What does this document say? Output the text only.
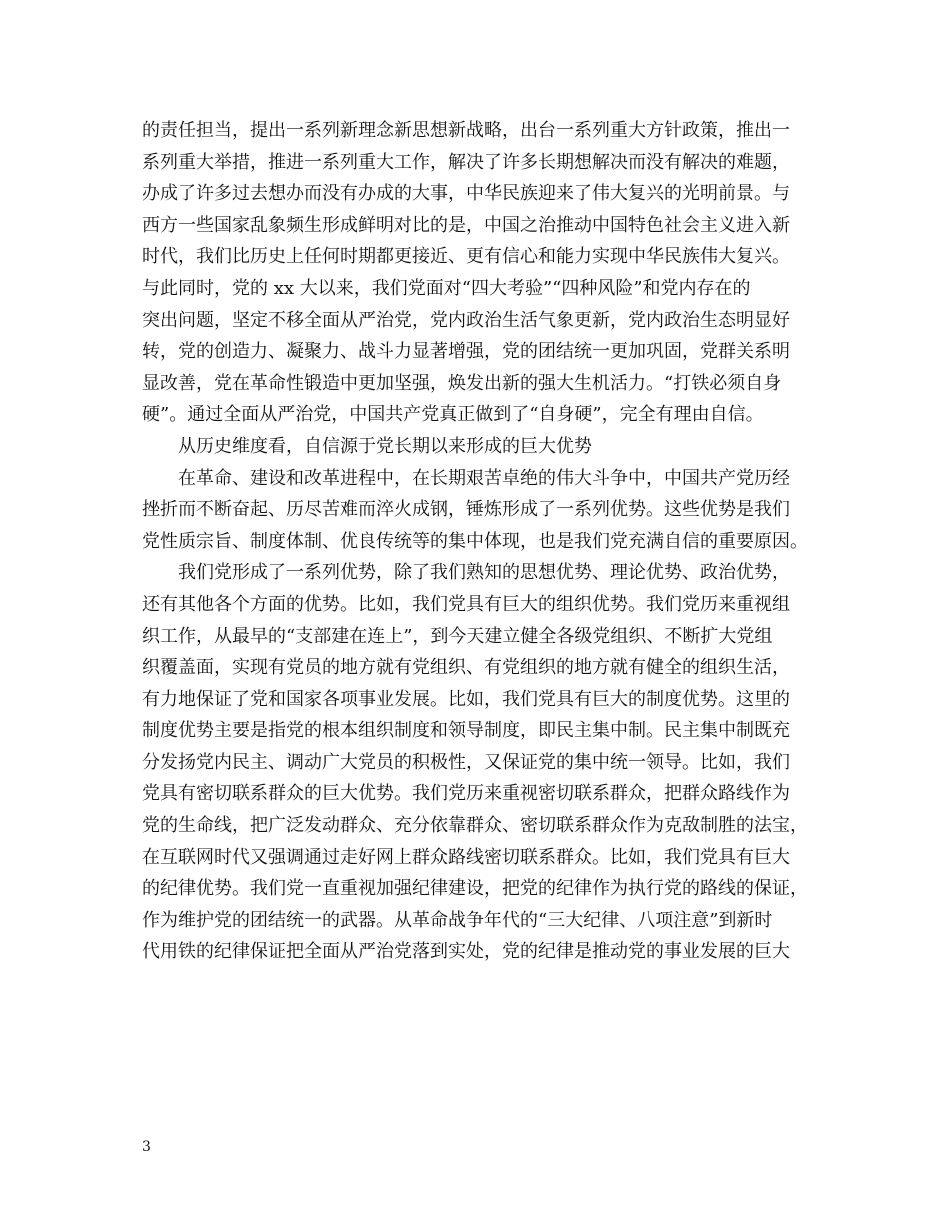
的责任担当，提出一系列新理念新思想新战略，出台一系列重大方针政策，推出一
系列重大举措，推进一系列重大工作，解决了许多长期想解决而没有解决的难题，
办成了许多过去想办而没有办成的大事，中华民族迎来了伟大复兴的光明前景。与
西方一些国家乱象频生形成鲜明对比的是，中国之治推动中国特色社会主义进入新
时代，我们比历史上任何时期都更接近、更有信心和能力实现中华民族伟大复兴。
与此同时，党的 xx 大以来，我们党面对“四大考验”“四种风险”和党内存在的
突出问题，坚定不移全面从严治党，党内政治生活气象更新，党内政治生态明显好
转，党的创造力、凝聚力、战斗力显著增强，党的团结统一更加巩固，党群关系明
显改善，党在革命性锻造中更加坚强，焕发出新的强大生机活力。“打铁必须自身
硬”。通过全面从严治党，中国共产党真正做到了“自身硬”，完全有理由自信。
从历史维度看，自信源于党长期以来形成的巨大优势
在革命、建设和改革进程中，在长期艰苦卓绝的伟大斗争中，中国共产党历经
挫折而不断奋起、历尽苦难而淬火成钢，锤炼形成了一系列优势。这些优势是我们
党性质宗旨、制度体制、优良传统等的集中体现，也是我们党充满自信的重要原因。
我们党形成了一系列优势，除了我们熟知的思想优势、理论优势、政治优势，
还有其他各个方面的优势。比如，我们党具有巨大的组织优势。我们党历来重视组
织工作，从最早的“支部建在连上”，到今天建立健全各级党组织、不断扩大党组
织覆盖面，实现有党员的地方就有党组织、有党组织的地方就有健全的组织生活，
有力地保证了党和国家各项事业发展。比如，我们党具有巨大的制度优势。这里的
制度优势主要是指党的根本组织制度和领导制度，即民主集中制。民主集中制既充
分发扬党内民主、调动广大党员的积极性，又保证党的集中统一领导。比如，我们
党具有密切联系群众的巨大优势。我们党历来重视密切联系群众，把群众路线作为
党的生命线，把广泛发动群众、充分依靠群众、密切联系群众作为克敌制胜的法宝，
在互联网时代又强调通过走好网上群众路线密切联系群众。比如，我们党具有巨大
的纪律优势。我们党一直重视加强纪律建设，把党的纪律作为执行党的路线的保证，
作为维护党的团结统一的武器。从革命战争年代的“三大纪律、八项注意”到新时
代用铁的纪律保证把全面从严治党落到实处，党的纪律是推动党的事业发展的巨大
3
